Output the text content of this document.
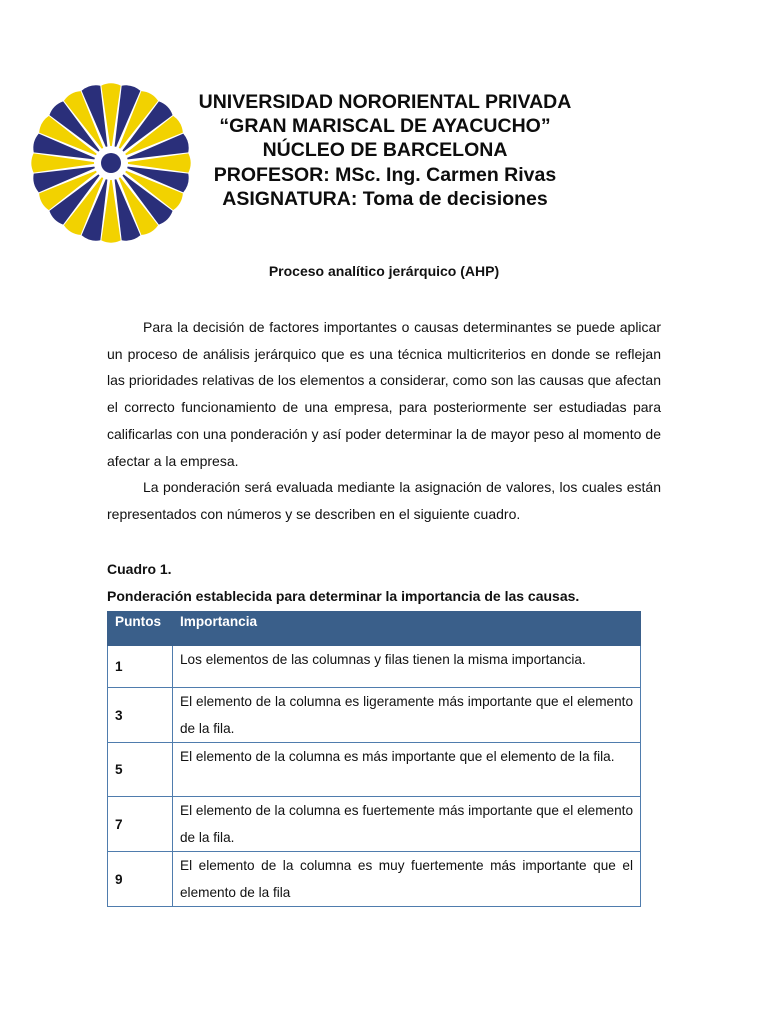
UNIVERSIDAD NORORIENTAL PRIVADA
“GRAN MARISCAL DE AYACUCHO”
NÚCLEO DE BARCELONA
PROFESOR: MSc. Ing. Carmen Rivas
ASIGNATURA: Toma de decisiones
Proceso analítico jerárquico (AHP)

Para la decisión de factores importantes o causas determinantes se puede aplicar un proceso de análisis jerárquico que es una técnica multicriterios en donde se reflejan las prioridades relativas de los elementos a considerar, como son las causas que afectan el correcto funcionamiento de una empresa, para posteriormente ser estudiadas para calificarlas con una ponderación y así poder determinar la de mayor peso al momento de afectar a la empresa.

La ponderación será evaluada mediante la asignación de valores, los cuales están representados con números y se describen en el siguiente cuadro.

Cuadro 1.
Ponderación establecida para determinar la importancia de las causas.
Puntos	Importancia
1	Los elementos de las columnas y filas tienen la misma importancia.
3	El elemento de la columna es ligeramente más importante que el elemento de la fila.
5	El elemento de la columna es más importante que el elemento de la fila.
7	El elemento de la columna es fuertemente más importante que el elemento de la fila.
9	El elemento de la columna es muy fuertemente más importante que el elemento de la fila
